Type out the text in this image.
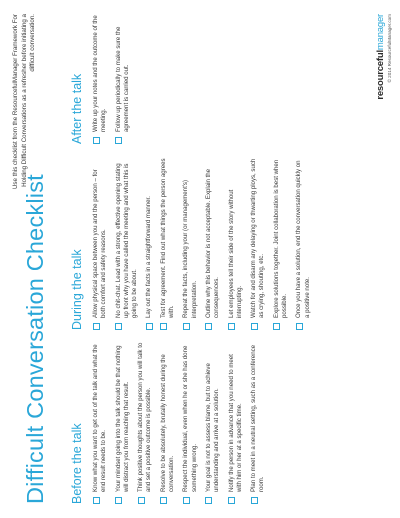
Difficult Conversation Checklist
Use this checklist from the ResourcefulManager Framework For Holding Difficult Conversations as a refresher before initiating a difficult conversation.
Before the talk Know what you want to get out of the talk and what the end result needs to be. Your mindset going into the talk should be that nothing will distract you from reaching that result. Think positive thoughts about the person you will talk to and set a positive outcome is possible. Resolve to be absolutely, brutally honest during the conversation. Respect the individual, even when he or she has done something wrong. Your goal is not to assess blame, but to achieve understanding and arrive at a solution. Notify the person in advance that you need to meet with him or her at a specific time. Plan to meet in a neutral setting, such as a conference room.
During the talk Allow physical space between you and the person – for both comfort and safety reasons. No chit-chat. Lead with a strong, effective opening stating up front why you have called the meeting and what this is going to be about. Lay out the facts in a straightforward manner. Test for agreement. Find out what things the person agrees with. Repeat the facts, including your (or management's) interpretation. Outline why this behavior is not acceptable. Explain the consequences. Let employees tell their side of the story without interrupting. Watch for and disarm any delaying or thwarting ploys, such as crying, shouting, etc. Explore solutions together. Joint collaboration is best when possible. Once you have a solution, end the conversation quickly on a positive note.
After the talk Write up your notes and the outcome of the meeting. Follow up periodically to make sure the agreement is carried out.	resourcefulmanager © 2014 ResourcefulManager.com
